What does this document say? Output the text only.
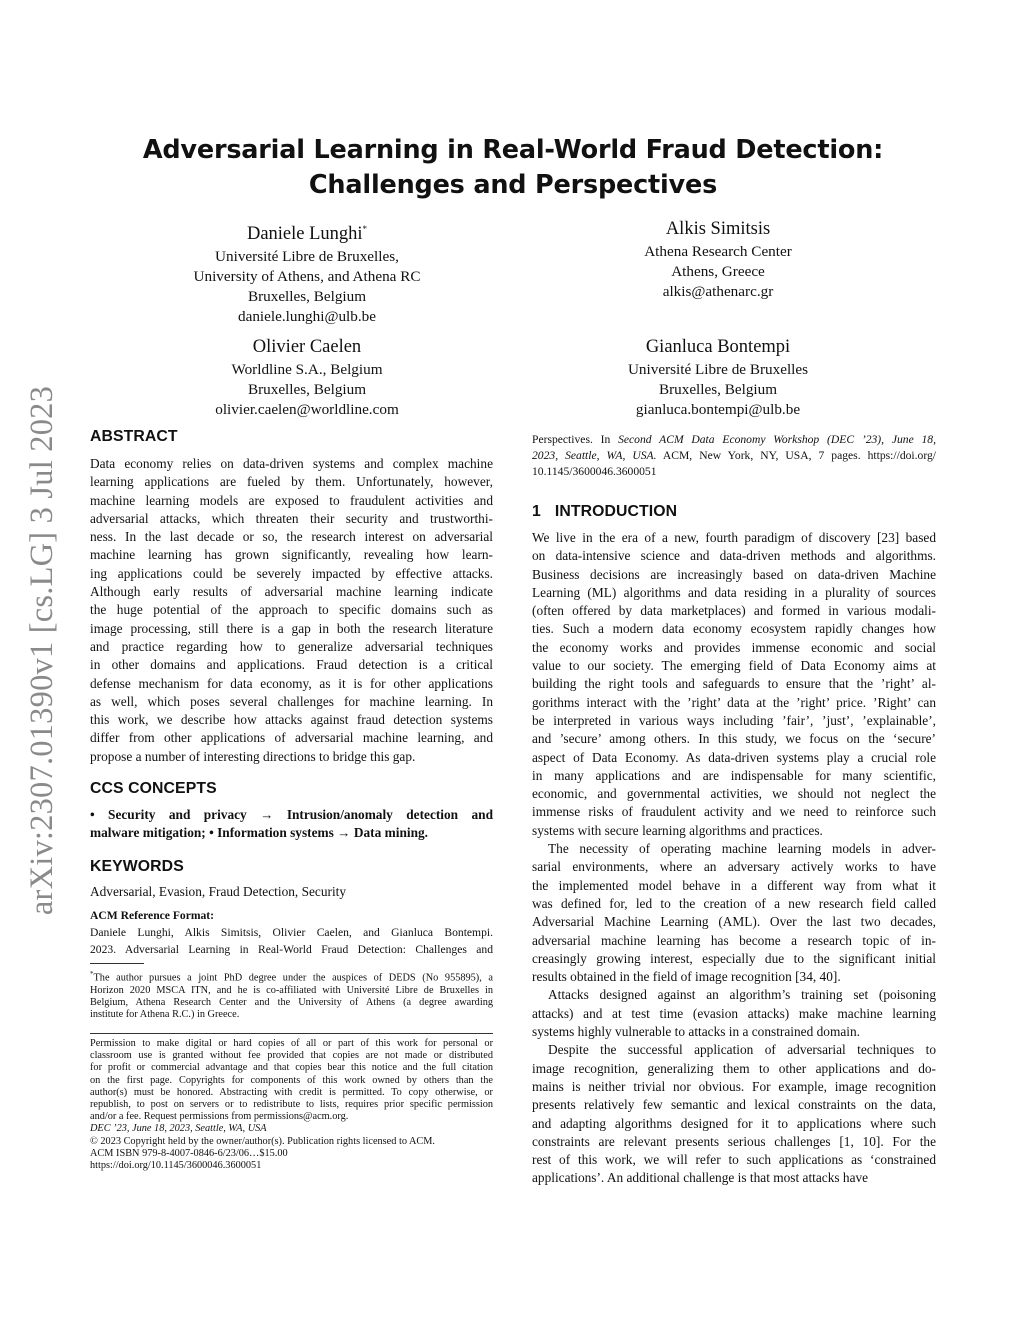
arXiv:2307.01390v1 [cs.LG] 3 Jul 2023
Adversarial Learning in Real-World Fraud Detection:
Challenges and Perspectives
Daniele Lunghi*
Université Libre de Bruxelles,
University of Athens, and Athena RC
Bruxelles, Belgium
daniele.lunghi@ulb.be
Alkis Simitsis
Athena Research Center
Athens, Greece
alkis@athenarc.gr
Olivier Caelen
Worldline S.A., Belgium
Bruxelles, Belgium
olivier.caelen@worldline.com
Gianluca Bontempi
Université Libre de Bruxelles
Bruxelles, Belgium
gianluca.bontempi@ulb.be
ABSTRACT

Data economy relies on data-driven systems and complex machine
learning applications are fueled by them. Unfortunately, however,
machine learning models are exposed to fraudulent activities and
adversarial attacks, which threaten their security and trustworthi-
ness. In the last decade or so, the research interest on adversarial
machine learning has grown significantly, revealing how learn-
ing applications could be severely impacted by effective attacks.
Although early results of adversarial machine learning indicate
the huge potential of the approach to specific domains such as
image processing, still there is a gap in both the research literature
and practice regarding how to generalize adversarial techniques
in other domains and applications. Fraud detection is a critical
defense mechanism for data economy, as it is for other applications
as well, which poses several challenges for machine learning. In
this work, we describe how attacks against fraud detection systems
differ from other applications of adversarial machine learning, and
propose a number of interesting directions to bridge this gap.

CCS CONCEPTS
• Security and privacy → Intrusion/anomaly detection and
malware mitigation; • Information systems → Data mining.
KEYWORDS
Adversarial, Evasion, Fraud Detection, Security
ACM Reference Format:
Daniele Lunghi, Alkis Simitsis, Olivier Caelen, and Gianluca Bontempi.
2023. Adversarial Learning in Real-World Fraud Detection: Challenges and
*The author pursues a joint PhD degree under the auspices of DEDS (No 955895), a
Horizon 2020 MSCA ITN, and he is co-affiliated with Université Libre de Bruxelles in
Belgium, Athena Research Center and the University of Athens (a degree awarding
institute for Athena R.C.) in Greece.
Permission to make digital or hard copies of all or part of this work for personal or
classroom use is granted without fee provided that copies are not made or distributed
for profit or commercial advantage and that copies bear this notice and the full citation
on the first page. Copyrights for components of this work owned by others than the
author(s) must be honored. Abstracting with credit is permitted. To copy otherwise, or
republish, to post on servers or to redistribute to lists, requires prior specific permission
and/or a fee. Request permissions from permissions@acm.org.
DEC ’23, June 18, 2023, Seattle, WA, USA
© 2023 Copyright held by the owner/author(s). Publication rights licensed to ACM.
ACM ISBN 979-8-4007-0846-6/23/06…$15.00
https://doi.org/10.1145/3600046.3600051
Perspectives. In Second ACM Data Economy Workshop (DEC ’23), June 18,
2023, Seattle, WA, USA. ACM, New York, NY, USA, 7 pages. https://doi.org/
10.1145/3600046.3600051
1 INTRODUCTION
We live in the era of a new, fourth paradigm of discovery [23] based
on data-intensive science and data-driven methods and algorithms.
Business decisions are increasingly based on data-driven Machine
Learning (ML) algorithms and data residing in a plurality of sources
(often offered by data marketplaces) and formed in various modali-
ties. Such a modern data economy ecosystem rapidly changes how
the economy works and provides immense economic and social
value to our society. The emerging field of Data Economy aims at
building the right tools and safeguards to ensure that the ’right’ al-
gorithms interact with the ’right’ data at the ’right’ price. ’Right’ can
be interpreted in various ways including ’fair’, ’just’, ’explainable’,
and ’secure’ among others. In this study, we focus on the ‘secure’
aspect of Data Economy. As data-driven systems play a crucial role
in many applications and are indispensable for many scientific,
economic, and governmental activities, we should not neglect the
immense risks of fraudulent activity and we need to reinforce such
systems with secure learning algorithms and practices.
The necessity of operating machine learning models in adver-
sarial environments, where an adversary actively works to have
the implemented model behave in a different way from what it
was defined for, led to the creation of a new research field called
Adversarial Machine Learning (AML). Over the last two decades,
adversarial machine learning has become a research topic of in-
creasingly growing interest, especially due to the significant initial
results obtained in the field of image recognition [34, 40].
Attacks designed against an algorithm’s training set (poisoning
attacks) and at test time (evasion attacks) make machine learning
systems highly vulnerable to attacks in a constrained domain.
Despite the successful application of adversarial techniques to
image recognition, generalizing them to other applications and do-
mains is neither trivial nor obvious. For example, image recognition
presents relatively few semantic and lexical constraints on the data,
and adapting algorithms designed for it to applications where such
constraints are relevant presents serious challenges [1, 10]. For the
rest of this work, we will refer to such applications as ‘constrained
applications’. An additional challenge is that most attacks have
